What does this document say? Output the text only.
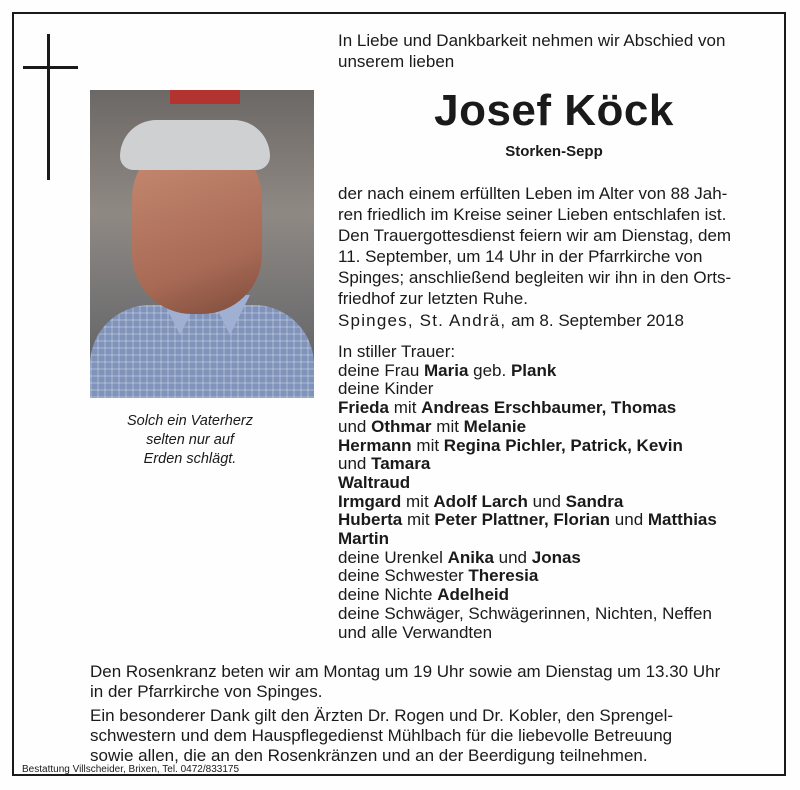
Solch ein Vaterherz
selten nur auf
Erden schlägt.
In Liebe und Dankbarkeit nehmen wir Abschied von
unserem lieben
Josef Köck
Storken-Sepp
der nach einem erfüllten Leben im Alter von 88 Jah-
ren friedlich im Kreise seiner Lieben entschlafen ist.
Den Trauergottesdienst feiern wir am Dienstag, dem
11. September, um 14 Uhr in der Pfarrkirche von
Spinges; anschließend begleiten wir ihn in den Orts-
friedhof zur letzten Ruhe.
Spinges, St. Andrä, am 8. September 2018
In stiller Trauer:
deine Frau Maria geb. Plank
deine Kinder
Frieda mit Andreas Erschbaumer, Thomas
und Othmar mit Melanie
Hermann mit Regina Pichler, Patrick, Kevin
und Tamara
Waltraud
Irmgard mit Adolf Larch und Sandra
Huberta mit Peter Plattner, Florian und Matthias
Martin
deine Urenkel Anika und Jonas
deine Schwester Theresia
deine Nichte Adelheid
deine Schwäger, Schwägerinnen, Nichten, Neffen
und alle Verwandten
Den Rosenkranz beten wir am Montag um 19 Uhr sowie am Dienstag um 13.30 Uhr
in der Pfarrkirche von Spinges.
Ein besonderer Dank gilt den Ärzten Dr. Rogen und Dr. Kobler, den Sprengel-
schwestern und dem Hauspflegedienst Mühlbach für die liebevolle Betreuung
sowie allen, die an den Rosenkränzen und an der Beerdigung teilnehmen.
Bestattung Villscheider, Brixen, Tel. 0472/833175
